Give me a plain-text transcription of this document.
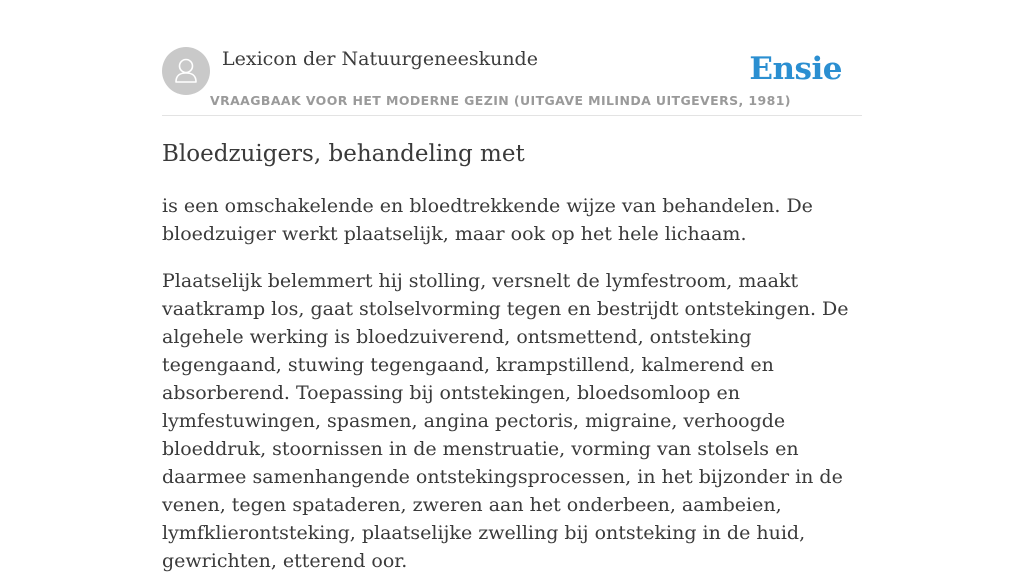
Lexicon der Natuurgeneeskunde
VRAAGBAAK VOOR HET MODERNE GEZIN (UITGAVE MILINDA UITGEVERS, 1981)
Ensie
Bloedzuigers, behandeling met

is een omschakelende en bloedtrekkende wijze van behandelen. De bloedzuiger werkt plaatselijk, maar ook op het hele lichaam.

Plaatselijk belemmert hij stolling, versnelt de lymfestroom, maakt vaatkramp los, gaat stolselvorming tegen en bestrijdt ontstekingen. De algehele werking is bloedzuiverend, ontsmettend, ontsteking tegengaand, stuwing tegengaand, krampstillend, kalmerend en absorberend. Toepassing bij ontstekingen, bloedsomloop en lymfestuwingen, spasmen, angina pectoris, migraine, verhoogde bloeddruk, stoornissen in de menstruatie, vorming van stolsels en daarmee samenhangende ontstekingsprocessen, in het bijzonder in de venen, tegen spataderen, zweren aan het onderbeen, aambeien, lymfklierontsteking, plaatselijke zwelling bij ontsteking in de huid, gewrichten, etterend oor.
